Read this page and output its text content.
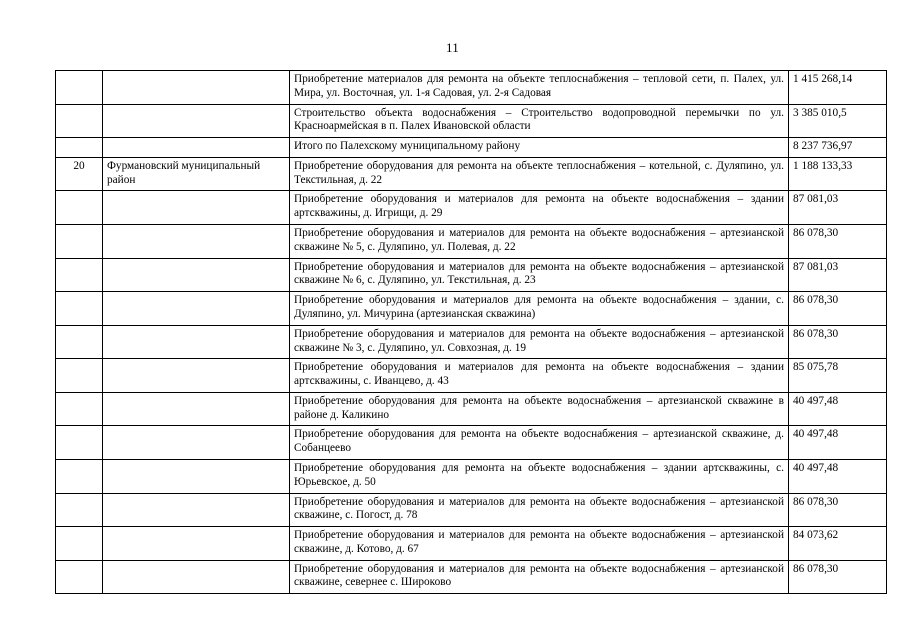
11
		Приобретение материалов для ремонта на объекте теплоснабжения – тепловой сети, п. Палех, ул. Мира, ул. Восточная, ул. 1-я Садовая, ул. 2-я Садовая	1 415 268,14
		Строительство объекта водоснабжения – Строительство водопроводной перемычки по ул. Красноармейская в п. Палех Ивановской области	3 385 010,5
		Итого по Палехскому муниципальному району	8 237 736,97
20	Фурмановский муниципальный район	Приобретение оборудования для ремонта на объекте теплоснабжения – котельной, с. Дуляпино, ул. Текстильная, д. 22	1 188 133,33
		Приобретение оборудования и материалов для ремонта на объекте водоснабжения – здании артскважины, д. Игрищи, д. 29	87 081,03
		Приобретение оборудования и материалов для ремонта на объекте водоснабжения – артезианской скважине № 5, с. Дуляпино, ул. Полевая, д. 22	86 078,30
		Приобретение оборудования и материалов для ремонта на объекте водоснабжения – артезианской скважине № 6, с. Дуляпино, ул. Текстильная, д. 23	87 081,03
		Приобретение оборудования и материалов для ремонта на объекте водоснабжения – здании, с. Дуляпино, ул. Мичурина (артезианская скважина)	86 078,30
		Приобретение оборудования и материалов для ремонта на объекте водоснабжения – артезианской скважине № 3, с. Дуляпино, ул. Совхозная, д. 19	86 078,30
		Приобретение оборудования и материалов для ремонта на объекте водоснабжения – здании артскважины, с. Иванцево, д. 43	85 075,78
		Приобретение оборудования для ремонта на объекте водоснабжения – артезианской скважине в районе д. Каликино	40 497,48
		Приобретение оборудования для ремонта на объекте водоснабжения – артезианской скважине, д. Собанцеево	40 497,48
		Приобретение оборудования для ремонта на объекте водоснабжения – здании артскважины, с. Юрьевское, д. 50	40 497,48
		Приобретение оборудования и материалов для ремонта на объекте водоснабжения – артезианской скважине, с. Погост, д. 78	86 078,30
		Приобретение оборудования и материалов для ремонта на объекте водоснабжения – артезианской скважине, д. Котово, д. 67	84 073,62
		Приобретение оборудования и материалов для ремонта на объекте водоснабжения – артезианской скважине, севернее с. Широково	86 078,30
